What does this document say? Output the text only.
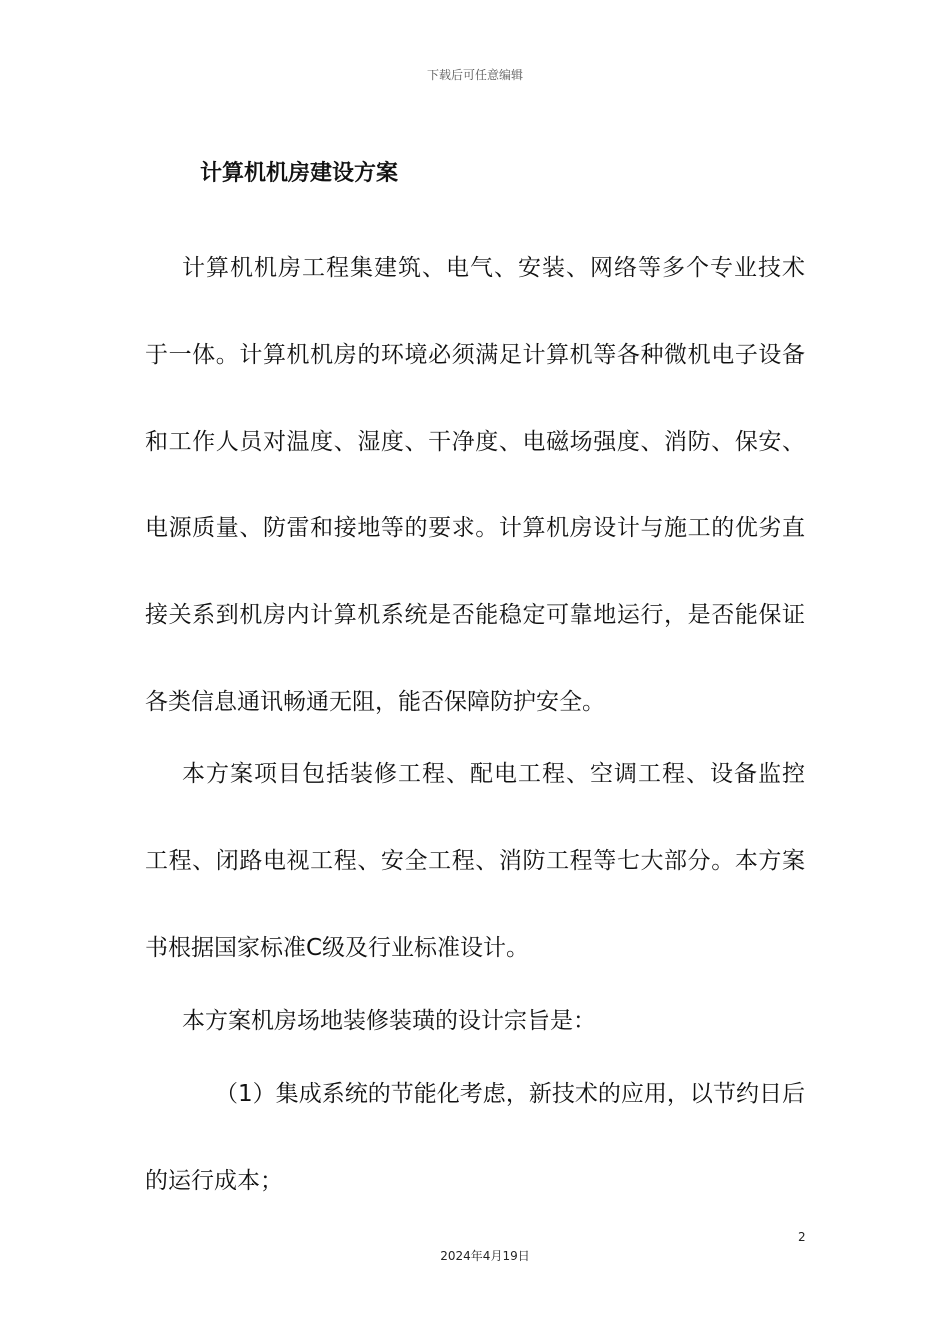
下载后可任意编辑
计算机机房建设方案

计算机机房工程集建筑、电气、安装、网络等多个专业技术

于一体。计算机机房的环境必须满足计算机等各种微机电子设备

和工作人员对温度、湿度、干净度、电磁场强度、消防、保安、

电源质量、防雷和接地等的要求。计算机房设计与施工的优劣直

接关系到机房内计算机系统是否能稳定可靠地运行，是否能保证

各类信息通讯畅通无阻，能否保障防护安全。

本方案项目包括装修工程、配电工程、空调工程、设备监控

工程、闭路电视工程、安全工程、消防工程等七大部分。本方案

书根据国家标准C级及行业标准设计。

本方案机房场地装修装璜的设计宗旨是：

（1）集成系统的节能化考虑，新技术的应用，以节约日后

的运行成本；

2
2024年4月19日
